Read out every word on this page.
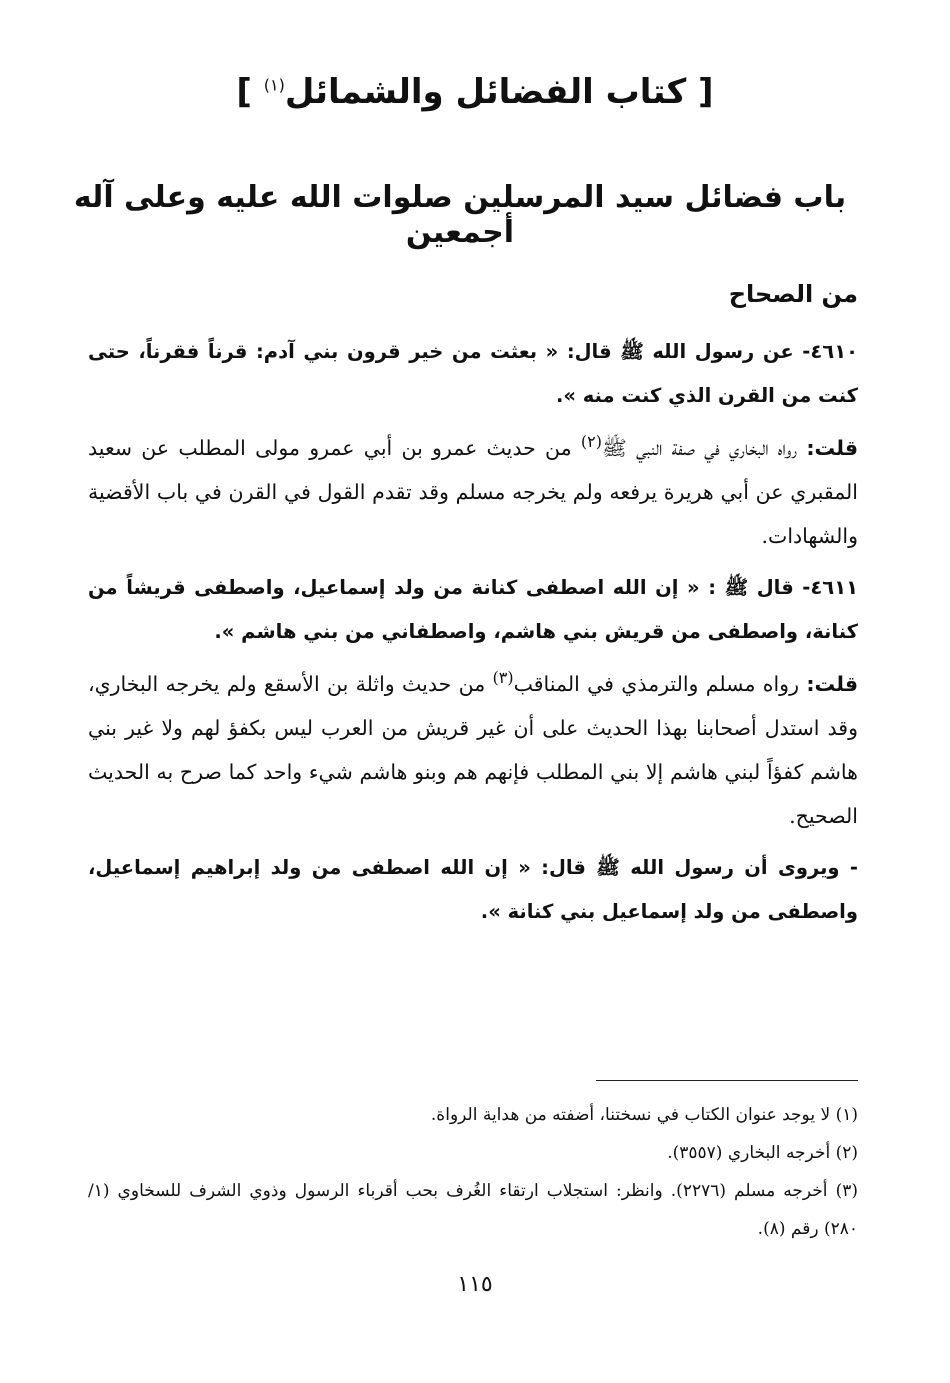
[ كتاب الفضائل والشمائل$^{(١)}$ ]
باب فضائل سيد المرسلين صلوات الله عليه وعلى آله أجمعين
من الصحاح

٤٦١٠- عن رسول الله ﷺ قال: « بعثت من خير قرون بني آدم: قرناً فقرناً، حتى كنت من القرن الذي كنت منه ».

قلت: رواه البخاري في صفة النبي ﷺ$^{(٢)}$ من حديث عمرو بن أبي عمرو مولى المطلب عن سعيد المقبري عن أبي هريرة يرفعه ولم يخرجه مسلم وقد تقدم القول في القرن في باب الأقضية والشهادات.

٤٦١١- قال ﷺ : « إن الله اصطفى كنانة من ولد إسماعيل، واصطفى قريشاً من كنانة، واصطفى من قريش بني هاشم، واصطفاني من بني هاشم ».

قلت: رواه مسلم والترمذي في المناقب$^{(٣)}$ من حديث واثلة بن الأسقع ولم يخرجه البخاري، وقد استدل أصحابنا بهذا الحديث على أن غير قريش من العرب ليس بكفؤ لهم ولا غير بني هاشم كفؤاً لبني هاشم إلا بني المطلب فإنهم هم وبنو هاشم شيء واحد كما صرح به الحديث الصحيح.

- ويروى أن رسول الله ﷺ قال: « إن الله اصطفى من ولد إبراهيم إسماعيل، واصطفى من ولد إسماعيل بني كنانة ».

(١) لا يوجد عنوان الكتاب في نسختنا، أضفته من هداية الرواة.

(٢) أخرجه البخاري (٣٥٥٧).

(٣) أخرجه مسلم (٢٢٧٦). وانظر: استجلاب ارتقاء الغُرف بحب أقرباء الرسول وذوي الشرف للسخاوي (١/ ٢٨٠) رقم (٨).

١١٥
